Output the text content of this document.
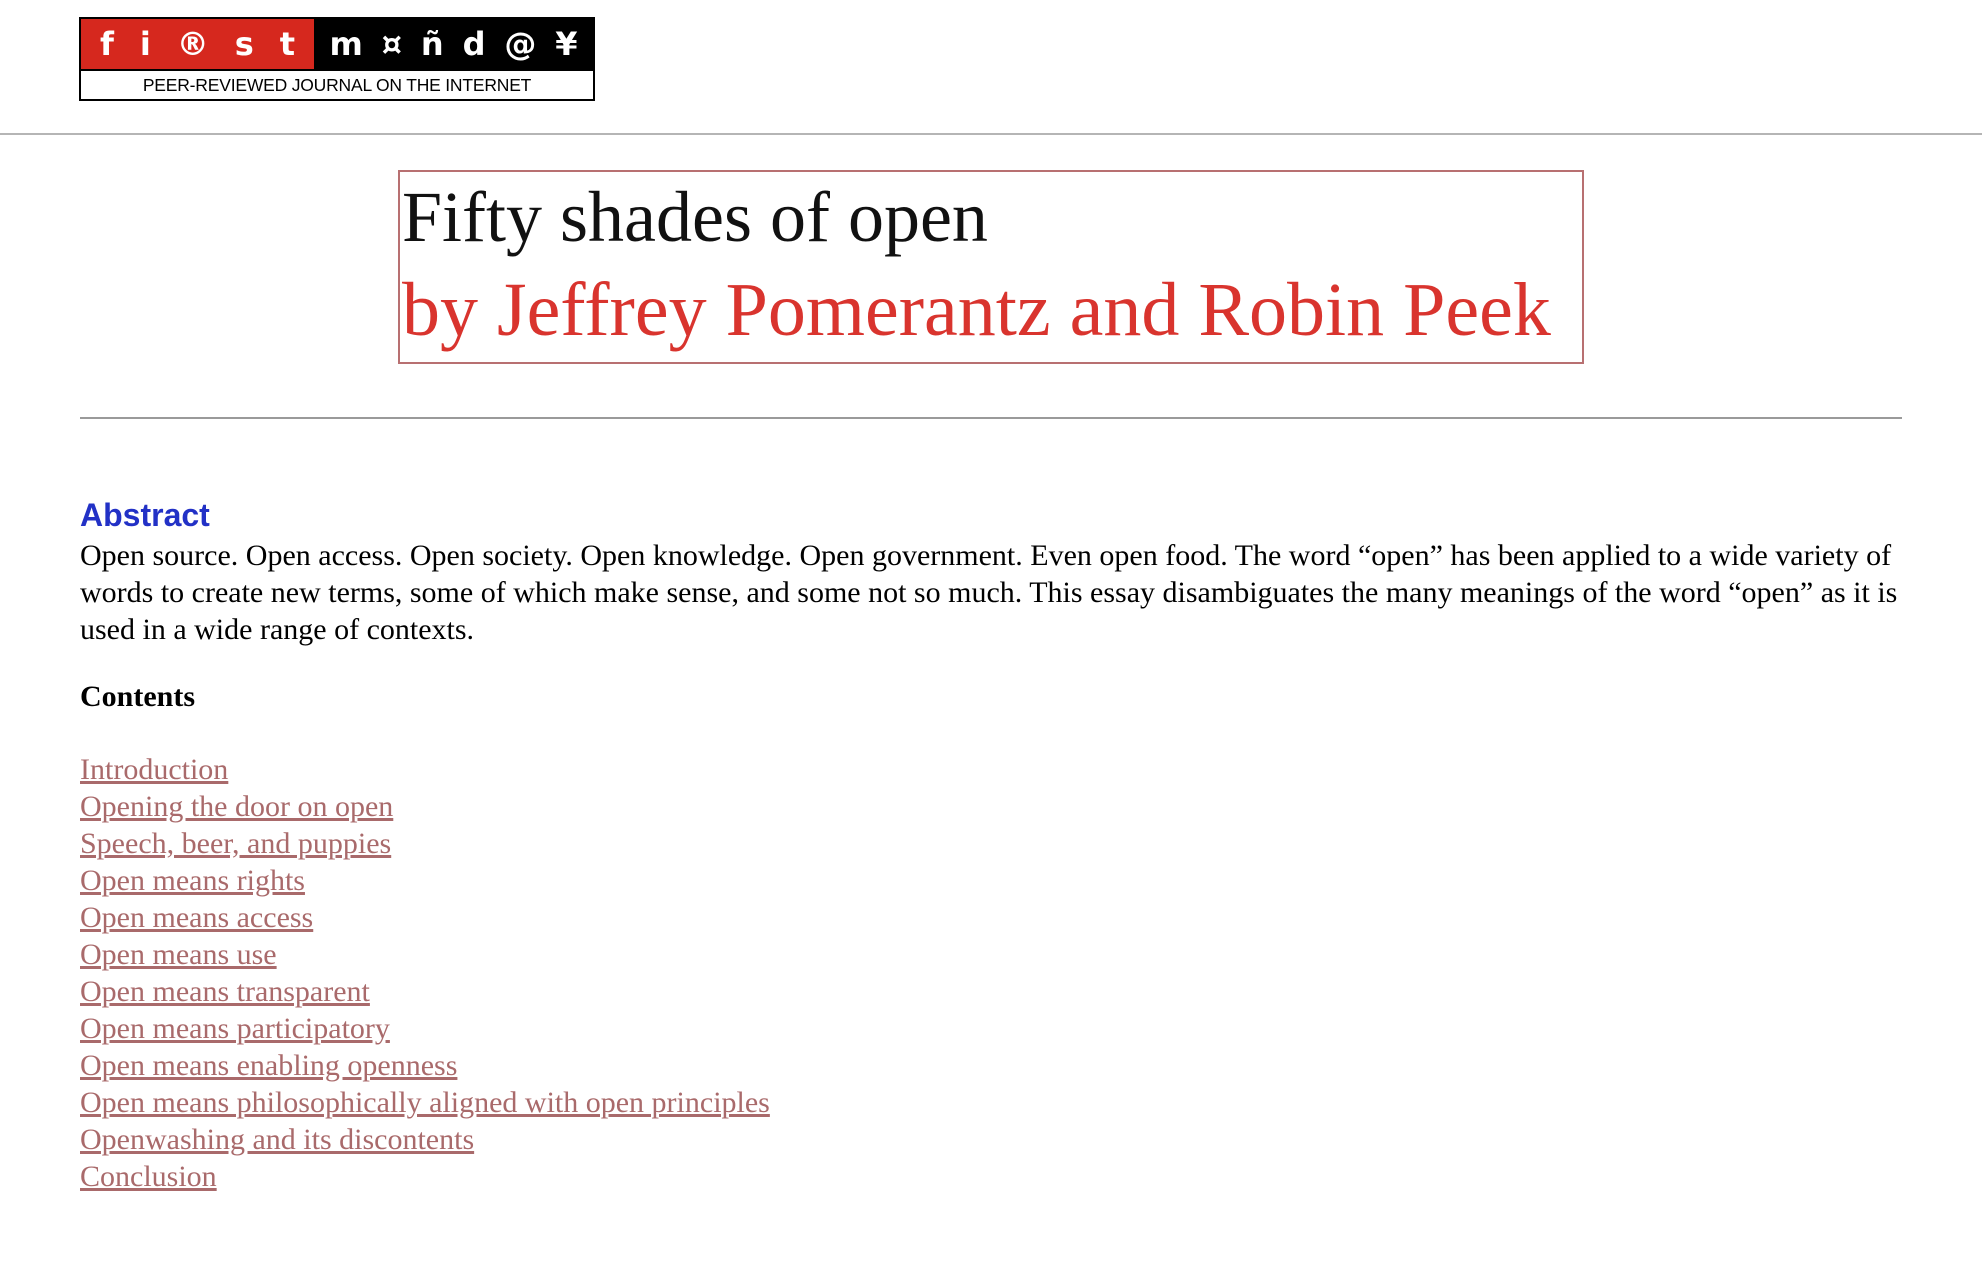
f i ® s t m ¤ ñ d @ ¥
PEER-REVIEWED JOURNAL ON THE INTERNET
Fifty shades of open
by Jeffrey Pomerantz and Robin Peek
Abstract

Open source. Open access. Open society. Open knowledge. Open government. Even open food. The word “open” has been applied to a wide variety of words to create new terms, some of which make sense, and some not so much. This essay disambiguates the many meanings of the word “open” as it is used in a wide range of contexts.

Contents
Introduction
Opening the door on open
Speech, beer, and puppies
Open means rights
Open means access
Open means use
Open means transparent
Open means participatory
Open means enabling openness
Open means philosophically aligned with open principles
Openwashing and its discontents
Conclusion
